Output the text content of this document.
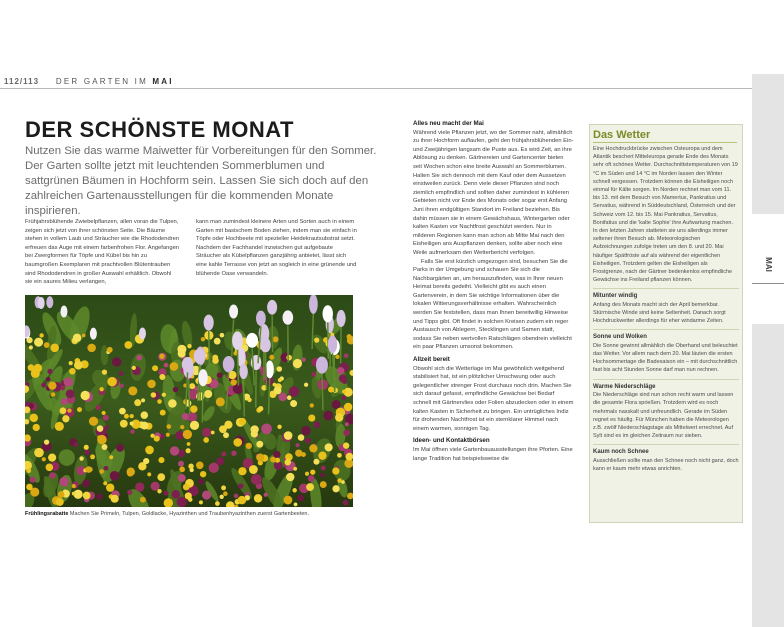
112/113 DER GARTEN IM MAI
DER SCHÖNSTE MONAT
Nutzen Sie das warme Maiwetter für Vorbereitungen für den Sommer. Der Garten sollte jetzt mit leuchtenden Sommerblumen und sattgrünen Bäumen in Hochform sein. Lassen Sie sich doch auf den zahlreichen Gartenausstellungen für die kommenden Monate inspirieren.
Frühjahrsblühende Zwiebelpflanzen, allen voran die Tulpen, zeigen sich jetzt von ihrer schönsten Seite. Die Bäume stehen in vollem Laub und Sträucher wie die Rhododendren erfreuen das Auge mit einem farbenfrohen Flor. Angefangen bei Zwergformen für Töpfe und Kübel bis hin zu baumgroßen Exemplaren mit prachtvollen Blütentrauben sind Rhododendren in großer Auswahl erhältlich. Obwohl sie ein saures Milieu verlangen,
kann man zumindest kleinere Arten und Sorten auch in einem Garten mit basischem Boden ziehen, indem man sie einfach in Töpfe oder Hochbeete mit spezieller Heidekrautsubstrat setzt. Nachdem der Fachhandel inzwischen gut aufgebaute Sträucher als Kübelpflanzen ganzjährig anbietet, lässt sich eine kahle Terrasse von jetzt an sogleich in eine grünende und blühende Oase verwandeln.
Frühlingsrabatte Machen Sie Primeln, Tulpen, Goldlacke, Hyazinthen und Traubenhyazinthen zuerst Gartenbeeten.
Alles neu macht der Mai
Während viele Pflanzen jetzt, wo der Sommer naht, allmählich zu ihrer Hochform auflaufen, geht den frühjahrsblühenden Ein- und Zweijährigen langsam die Puste aus. Es wird Zeit, an ihre Ablösung zu denken. Gärtnereien und Gartencenter bieten seit Wochen schon eine breite Auswahl an Sommerblumen. Halten Sie sich dennoch mit dem Kauf oder dem Aussetzen einstweilen zurück. Denn viele dieser Pflanzen sind noch ziemlich empfindlich und sollten daher zumindest in kühleren Gebieten nicht vor Ende des Monats oder sogar erst Anfang Juni ihren endgültigen Standort im Freiland beziehen. Bis dahin müssen sie in einem Gewächshaus, Wintergarten oder kalten Kasten vor Nachtfrost geschützt werden. Nur in milderen Regionen kann man schon ab Mitte Mai nach den Eisheiligen ans Auspflanzen denken, sollte aber noch eine Weile aufmerksam den Wetterbericht verfolgen.
Falls Sie erst kürzlich umgezogen sind, besuchen Sie die Parks in der Umgebung und schauen Sie sich die Nachbargärten an, um herauszufinden, was in Ihrer neuen Heimat bereits gedeiht. Vielleicht gibt es auch einen Gartenverein, in dem Sie wichtige Informationen über die lokalen Witterungsverhältnisse erhalten. Wahrscheinlich werden Sie feststellen, dass man Ihnen bereitwillig Hinweise und Tipps gibt. Oft findet in solchen Kreisen zudem ein reger Austausch von Ablegern, Stecklingen und Samen statt, sodass Sie neben wertvollen Ratschlägen obendrein vielleicht ein paar Pflanzen umsonst bekommen.
Allzeit bereit
Obwohl sich die Wetterlage im Mai gewöhnlich weitgehend stabilisiert hat, ist ein plötzlicher Umschwung oder auch gelegentlicher strenger Frost durchaus noch drin. Machen Sie sich darauf gefasst, empfindliche Gewächse bei Bedarf schnell mit Gärtnervlies oder Folien abzudecken oder in einem kalten Kasten in Sicherheit zu bringen. Ein untrügliches Indiz für drohenden Nachtfrost ist ein sternklarer Himmel nach einem warmen, sonnigen Tag.
Ideen- und Kontaktbörsen
Im Mai öffnen viele Gartenbauausstellungen ihre Pforten. Eine lange Tradition hat beispielsweise die
Das Wetter
Eine Hochdruckbrücke zwischen Osteuropa und dem Atlantik beschert Mitteleuropa gerade Ende des Monats sehr oft schönes Wetter. Durchschnittstemperaturen von 19 °C im Süden und 14 °C im Norden lassen den Winter schnell vergessen. Trotzdem können die Eisheiligen noch einmal für Kälte sorgen. Im Norden rechnet man vom 11. bis 13. mit dem Besuch von Mamertus, Pankratius und Servatius, während in Süddeutschland, Österreich und der Schweiz vom 12. bis 15. Mai Pankratius, Servatius, Bonifatius und die 'kalte Sophie' ihre Aufwartung machen. In den letzten Jahren statteten sie uns allerdings immer seltener ihren Besuch ab. Meteorologischen Aufzeichnungen zufolge treten um den 8. und 20. Mai häufiger Spätfröste auf als während der eigentlichen Eisheiligen. Trotzdem gelten die Eisheiligen als Frostgrenze, nach der Gärtner bedenkenlos empfindliche Gewächse ins Freiland pflanzen können.
Mitunter windig
Anfang des Monats macht sich der April bemerkbar. Stürmische Winde sind keine Seltenheit. Danach sorgt Hochdruckwetter allerdings für eher windarme Zeiten.
Sonne und Wolken
Die Sonne gewinnt allmählich die Oberhand und beleuchtet das Wetter. Vor allem nach dem 20. Mai läuten die ersten Hochsommertage die Badesaison ein – mit durchschnittlich fast bis acht Stunden Sonne darf man nun rechnen.
Warme Niederschläge
Die Niederschläge sind nun schon recht warm und lassen die gesamte Flora sprießen. Trotzdem wird es noch mehrmals nasskalt und unfreundlich. Gerade im Süden regnet es häufig. Für München haben die Meteorologen z.B. zwölf Niederschlagstage als Mittelwert errechnet. Auf Sylt sind es im gleichen Zeitraum nur sieben.
Kaum noch Schnee
Ausschließen sollte man den Schnee noch nicht ganz, doch kann er kaum mehr etwas anrichten.
MAI
